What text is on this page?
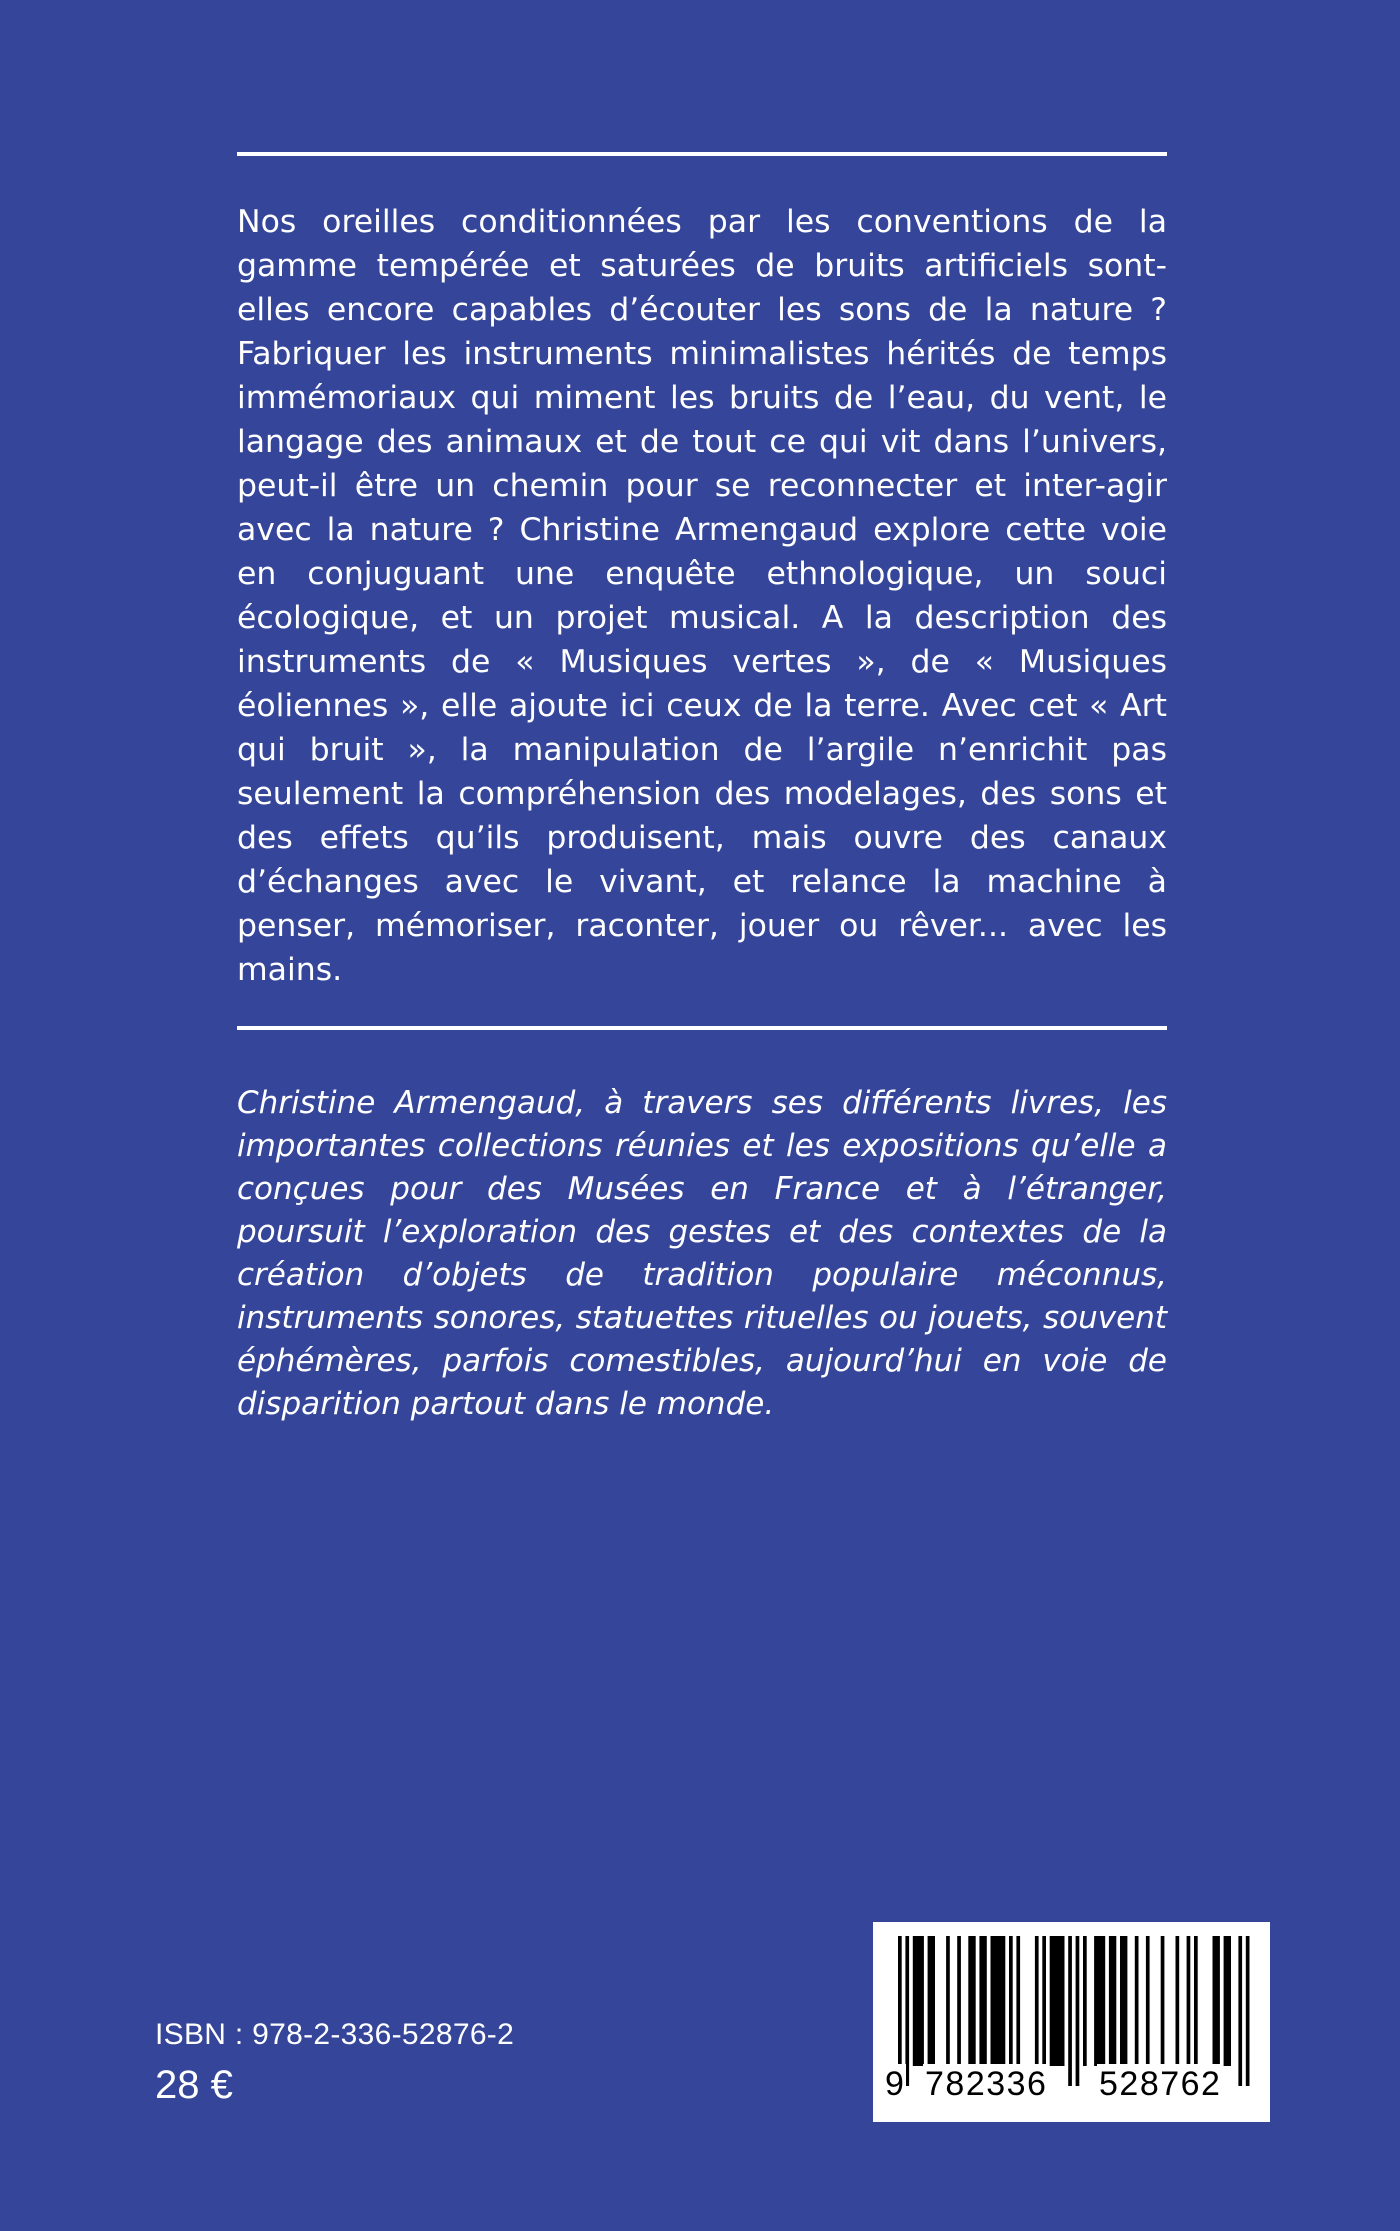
Nos oreilles conditionnées par les conventions de la gamme tempérée et saturées de bruits artificiels sont-elles encore capables d’écouter les sons de la nature ? Fabriquer les instruments minimalistes hérités de temps immémoriaux qui miment les bruits de l’eau, du vent, le langage des animaux et de tout ce qui vit dans l’univers, peut-il être un chemin pour se reconnecter et inter-agir avec la nature ? Christine Armengaud explore cette voie en conjuguant une enquête ethnologique, un souci écologique, et un projet musical. A la description des instruments de « Musiques vertes », de « Musiques éoliennes », elle ajoute ici ceux de la terre. Avec cet « Art qui bruit », la manipulation de l’argile n’enrichit pas seulement la compréhension des modelages, des sons et des effets qu’ils produisent, mais ouvre des canaux d’échanges avec le vivant, et relance la machine à penser, mémoriser, raconter, jouer ou rêver... avec les mains.

Christine Armengaud, à travers ses différents livres, les importantes collections réunies et les expositions qu’elle a conçues pour des Musées en France et à l’étranger, poursuit l’exploration des gestes et des contextes de la création d’objets de tradition populaire méconnus, instruments sonores, statuettes rituelles ou jouets, souvent éphémères, parfois comestibles, aujourd’hui en voie de disparition partout dans le monde.

ISBN : 978-2-336-52876-2
28 €	9 782336 528762
